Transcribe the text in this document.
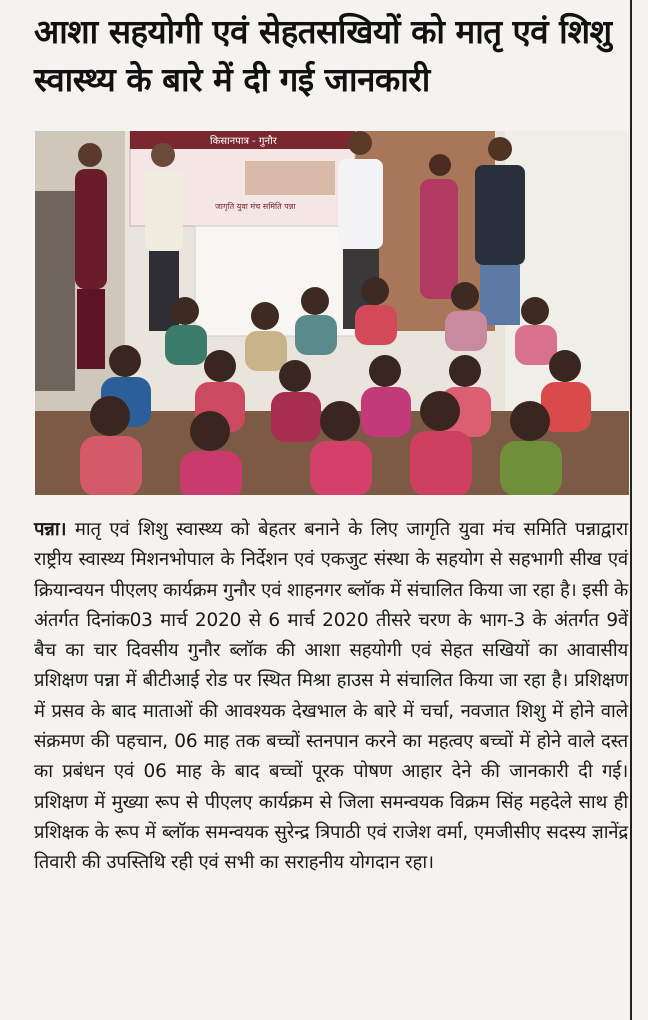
आशा सहयोगी एवं सेहतसखियों को मातृ एवं शिशु स्वास्थ्य के बारे में दी गई जानकारी
किसानपात्र - गुनौर
जागृति युवा मंच समिति पन्ना
पन्ना। मातृ एवं शिशु स्वास्थ्य को बेहतर बनाने के लिए जागृति युवा मंच समिति पन्नाद्वारा राष्ट्रीय स्वास्थ्य मिशनभोपाल के निर्देशन एवं एकजुट संस्था के सहयोग से सहभागी सीख एवं क्रियान्वयन पीएलए कार्यक्रम गुनौर एवं शाहनगर ब्लॉक में संचालित किया जा रहा है। इसी के अंतर्गत दिनांक03 मार्च 2020 से 6 मार्च 2020 तीसरे चरण के भाग-3 के अंतर्गत 9वें बैच का चार दिवसीय गुनौर ब्लॉक की आशा सहयोगी एवं सेहत सखियों का आवासीय प्रशिक्षण पन्ना में बीटीआई रोड पर स्थित मिश्रा हाउस मे संचालित किया जा रहा है। प्रशिक्षण में प्रसव के बाद माताओं की आवश्यक देखभाल के बारे में चर्चा, नवजात शिशु में होने वाले संक्रमण की पहचान, 06 माह तक बच्चों स्तनपान करने का महत्वए बच्चों में होने वाले दस्त का प्रबंधन एवं 06 माह के बाद बच्चों पूरक पोषण आहार देने की जानकारी दी गई। प्रशिक्षण में मुख्या रूप से पीएलए कार्यक्रम से जिला समन्वयक विक्रम सिंह महदेले साथ ही प्रशिक्षक के रूप में ब्लॉक समन्वयक सुरेन्द्र त्रिपाठी एवं राजेश वर्मा, एमजीसीए सदस्य ज्ञानेंद्र तिवारी की उपस्तिथि रही एवं सभी का सराहनीय योगदान रहा।
